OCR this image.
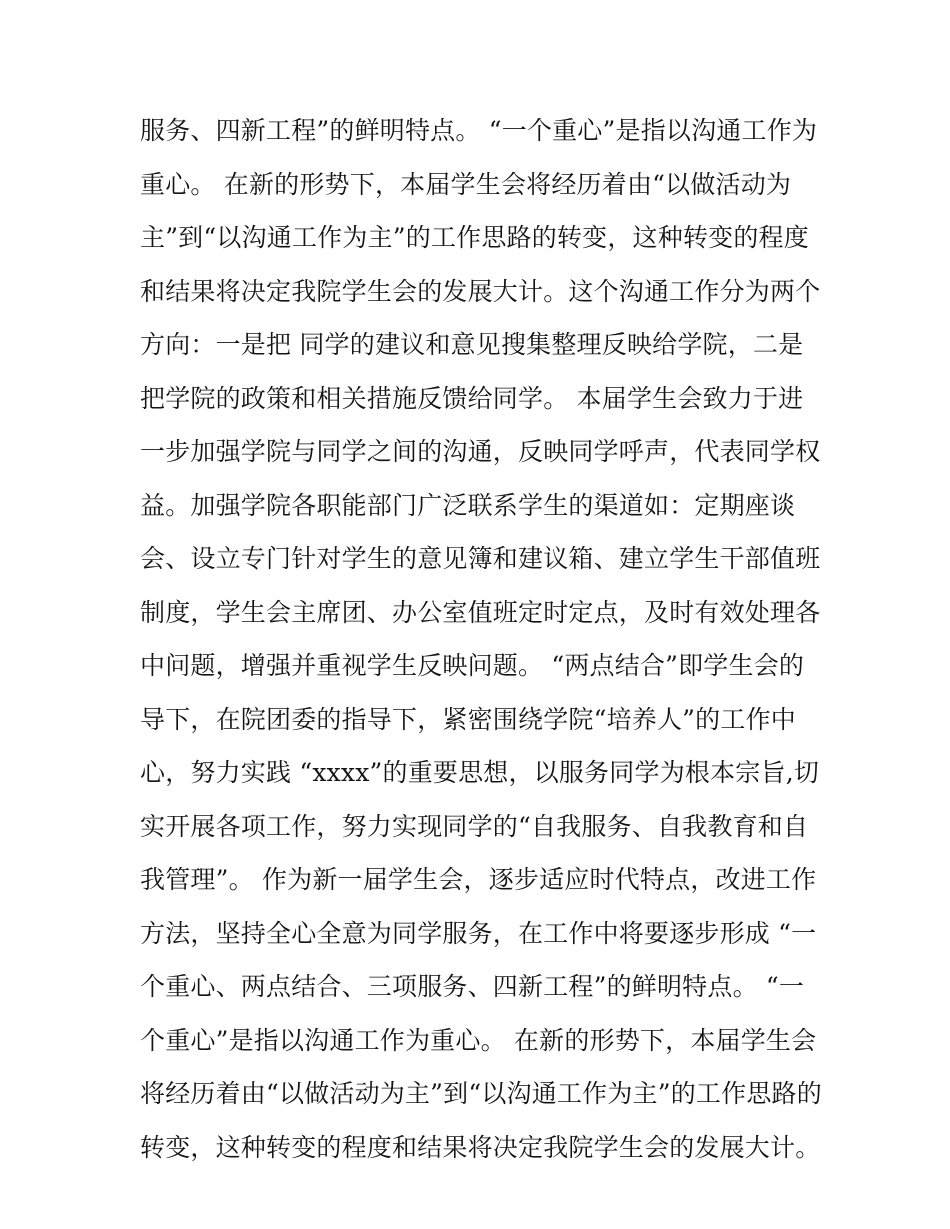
服务、四新工程”的鲜明特点。 “一个重心”是指以沟通工作为
重心。 在新的形势下，本届学生会将经历着由“以做活动为
主”到“以沟通工作为主”的工作思路的转变，这种转变的程度
和结果将决定我院学生会的发展大计。这个沟通工作分为两个
方向：一是把 同学的建议和意见搜集整理反映给学院，二是
把学院的政策和相关措施反馈给同学。 本届学生会致力于进
一步加强学院与同学之间的沟通，反映同学呼声，代表同学权
益。加强学院各职能部门广泛联系学生的渠道如：定期座谈
会、设立专门针对学生的意见簿和建议箱、建立学生干部值班
制度，学生会主席团、办公室值班定时定点，及时有效处理各
中问题，增强并重视学生反映问题。 “两点结合”即学生会的
导下，在院团委的指导下，紧密围绕学院“培养人”的工作中
心，努力实践 “xxxx”的重要思想，以服务同学为根本宗旨,切
实开展各项工作，努力实现同学的“自我服务、自我教育和自
我管理”。 作为新一届学生会，逐步适应时代特点，改进工作
方法，坚持全心全意为同学服务，在工作中将要逐步形成 “一
个重心、两点结合、三项服务、四新工程”的鲜明特点。 “一
个重心”是指以沟通工作为重心。 在新的形势下，本届学生会
将经历着由“以做活动为主”到“以沟通工作为主”的工作思路的
转变，这种转变的程度和结果将决定我院学生会的发展大计。
